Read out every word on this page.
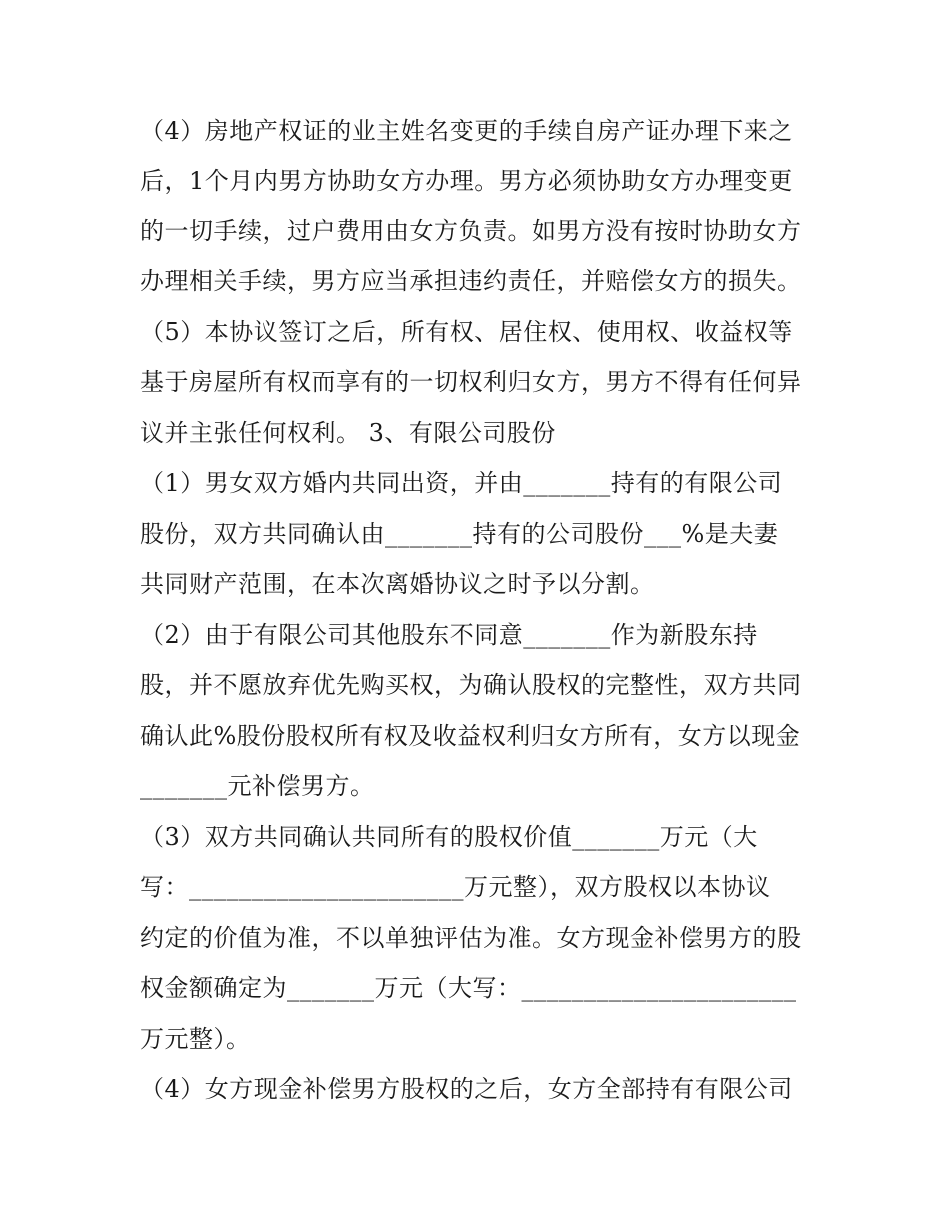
（4）房地产权证的业主姓名变更的手续自房产证办理下来之

后，1个月内男方协助女方办理。男方必须协助女方办理变更

的一切手续，过户费用由女方负责。如男方没有按时协助女方

办理相关手续，男方应当承担违约责任，并赔偿女方的损失。

（5）本协议签订之后，所有权、居住权、使用权、收益权等

基于房屋所有权而享有的一切权利归女方，男方不得有任何异

议并主张任何权利。 3、有限公司股份

（1）男女双方婚内共同出资，并由_______持有的有限公司

股份，双方共同确认由_______持有的公司股份___%是夫妻

共同财产范围，在本次离婚协议之时予以分割。

（2）由于有限公司其他股东不同意_______作为新股东持

股，并不愿放弃优先购买权，为确认股权的完整性，双方共同

确认此%股份股权所有权及收益权利归女方所有，女方以现金

_______元补偿男方。

（3）双方共同确认共同所有的股权价值_______万元（大

写：______________________万元整），双方股权以本协议

约定的价值为准，不以单独评估为准。女方现金补偿男方的股

权金额确定为_______万元（大写：______________________

万元整）。

（4）女方现金补偿男方股权的之后，女方全部持有有限公司
